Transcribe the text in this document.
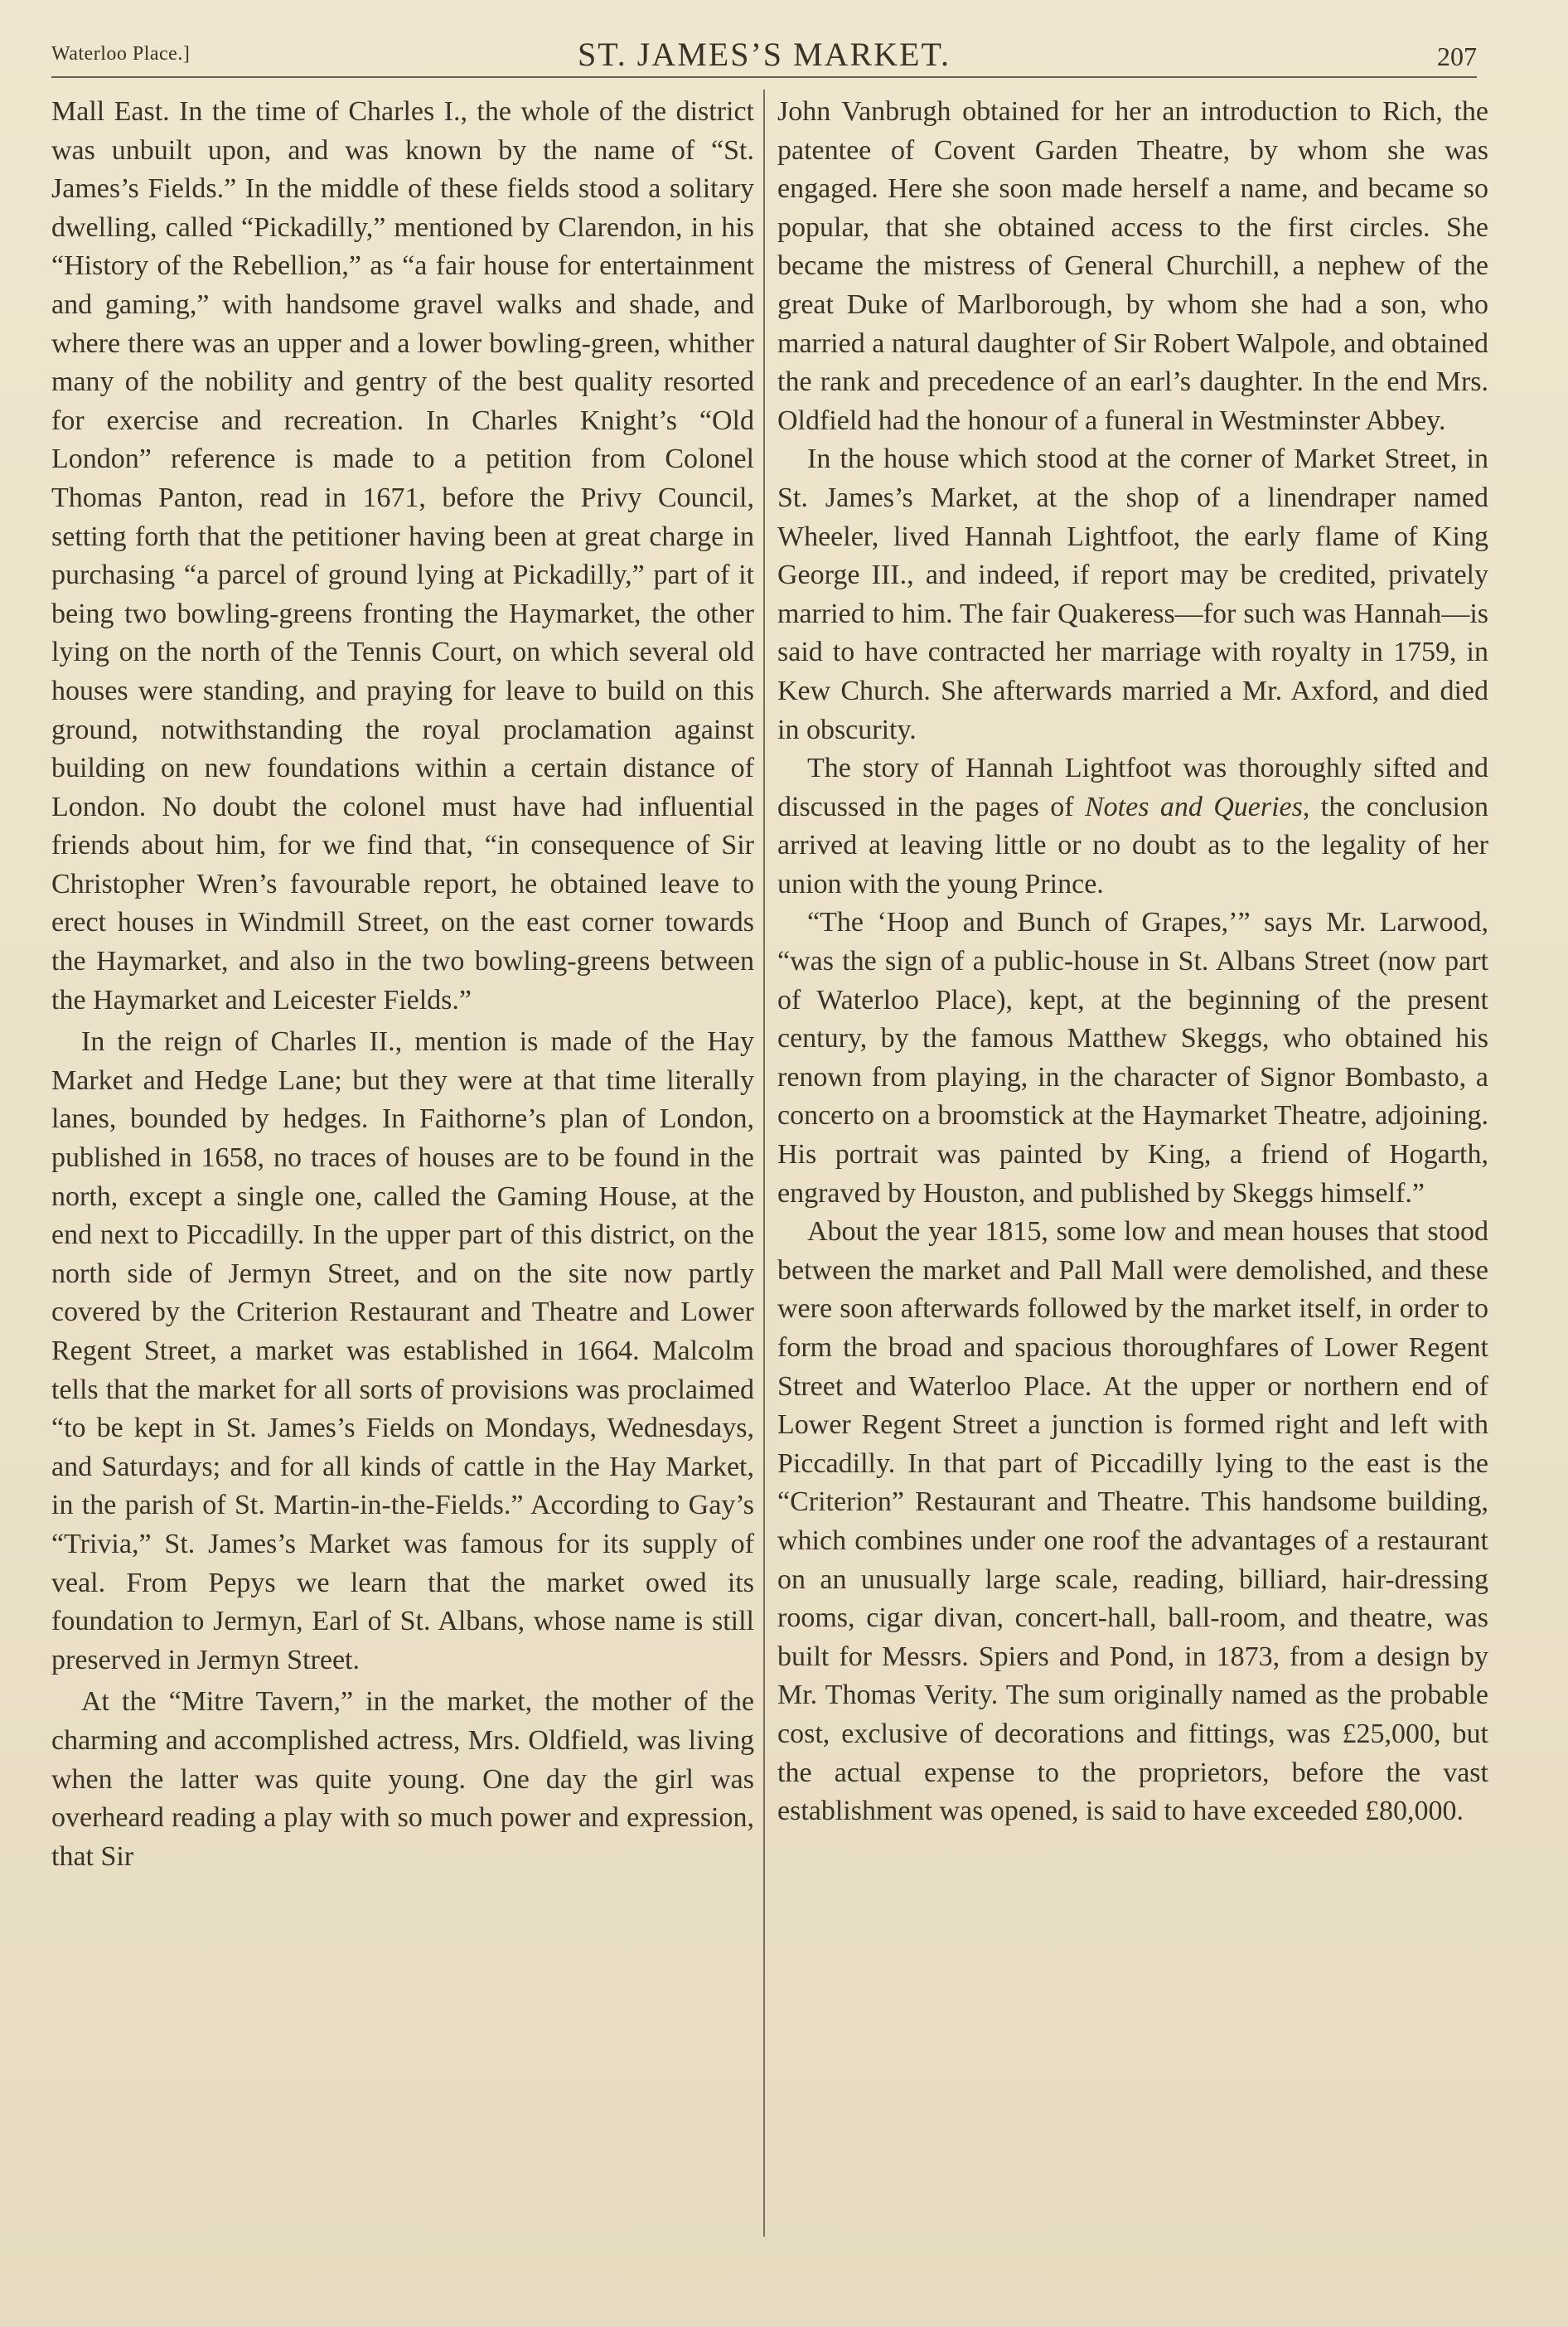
Waterloo Place.]	ST. JAMES’S MARKET.	207

Mall East. In the time of Charles I., the whole of the district was unbuilt upon, and was known by the name of “St. James’s Fields.” In the middle of these fields stood a solitary dwelling, called “Pickadilly,” mentioned by Clarendon, in his “History of the Rebellion,” as “a fair house for entertainment and gaming,” with handsome gravel walks and shade, and where there was an upper and a lower bowling-green, whither many of the nobility and gentry of the best quality resorted for exercise and recreation. In Charles Knight’s “Old London” reference is made to a petition from Colonel Thomas Panton, read in 1671, before the Privy Council, setting forth that the petitioner having been at great charge in purchasing “a parcel of ground lying at Pickadilly,” part of it being two bowling-greens fronting the Haymarket, the other lying on the north of the Tennis Court, on which several old houses were standing, and praying for leave to build on this ground, notwithstanding the royal proclamation against building on new foundations within a certain distance of London. No doubt the colonel must have had influential friends about him, for we find that, “in consequence of Sir Christopher Wren’s favourable report, he obtained leave to erect houses in Windmill Street, on the east corner towards the Haymarket, and also in the two bowling-greens between the Haymarket and Leicester Fields.”

In the reign of Charles II., mention is made of the Hay Market and Hedge Lane; but they were at that time literally lanes, bounded by hedges. In Faithorne’s plan of London, published in 1658, no traces of houses are to be found in the north, except a single one, called the Gaming House, at the end next to Piccadilly. In the upper part of this district, on the north side of Jermyn Street, and on the site now partly covered by the Criterion Restaurant and Theatre and Lower Regent Street, a market was established in 1664. Malcolm tells that the market for all sorts of provisions was proclaimed “to be kept in St. James’s Fields on Mondays, Wednesdays, and Saturdays; and for all kinds of cattle in the Hay Market, in the parish of St. Martin-in-the-Fields.” According to Gay’s “Trivia,” St. James’s Market was famous for its supply of veal. From Pepys we learn that the market owed its foundation to Jermyn, Earl of St. Albans, whose name is still preserved in Jermyn Street.

At the “Mitre Tavern,” in the market, the mother of the charming and accomplished actress, Mrs. Oldfield, was living when the latter was quite young. One day the girl was overheard reading a play with so much power and expression, that Sir

John Vanbrugh obtained for her an introduction to Rich, the patentee of Covent Garden Theatre, by whom she was engaged. Here she soon made herself a name, and became so popular, that she obtained access to the first circles. She became the mistress of General Churchill, a nephew of the great Duke of Marlborough, by whom she had a son, who married a natural daughter of Sir Robert Walpole, and obtained the rank and precedence of an earl’s daughter. In the end Mrs. Oldfield had the honour of a funeral in Westminster Abbey.

In the house which stood at the corner of Market Street, in St. James’s Market, at the shop of a linendraper named Wheeler, lived Hannah Lightfoot, the early flame of King George III., and indeed, if report may be credited, privately married to him. The fair Quakeress—for such was Hannah—is said to have contracted her marriage with royalty in 1759, in Kew Church. She afterwards married a Mr. Axford, and died in obscurity.

The story of Hannah Lightfoot was thoroughly sifted and discussed in the pages of Notes and Queries, the conclusion arrived at leaving little or no doubt as to the legality of her union with the young Prince.

“The ‘Hoop and Bunch of Grapes,’” says Mr. Larwood, “was the sign of a public-house in St. Albans Street (now part of Waterloo Place), kept, at the beginning of the present century, by the famous Matthew Skeggs, who obtained his renown from playing, in the character of Signor Bombasto, a concerto on a broomstick at the Haymarket Theatre, adjoining. His portrait was painted by King, a friend of Hogarth, engraved by Houston, and published by Skeggs himself.”

About the year 1815, some low and mean houses that stood between the market and Pall Mall were demolished, and these were soon afterwards followed by the market itself, in order to form the broad and spacious thoroughfares of Lower Regent Street and Waterloo Place. At the upper or northern end of Lower Regent Street a junction is formed right and left with Piccadilly. In that part of Piccadilly lying to the east is the “Criterion” Restaurant and Theatre. This handsome building, which combines under one roof the advantages of a restaurant on an unusually large scale, reading, billiard, hair-dressing rooms, cigar divan, concert-hall, ball-room, and theatre, was built for Messrs. Spiers and Pond, in 1873, from a design by Mr. Thomas Verity. The sum originally named as the probable cost, exclusive of decorations and fittings, was £25,000, but the actual expense to the proprietors, before the vast establishment was opened, is said to have exceeded £80,000.
